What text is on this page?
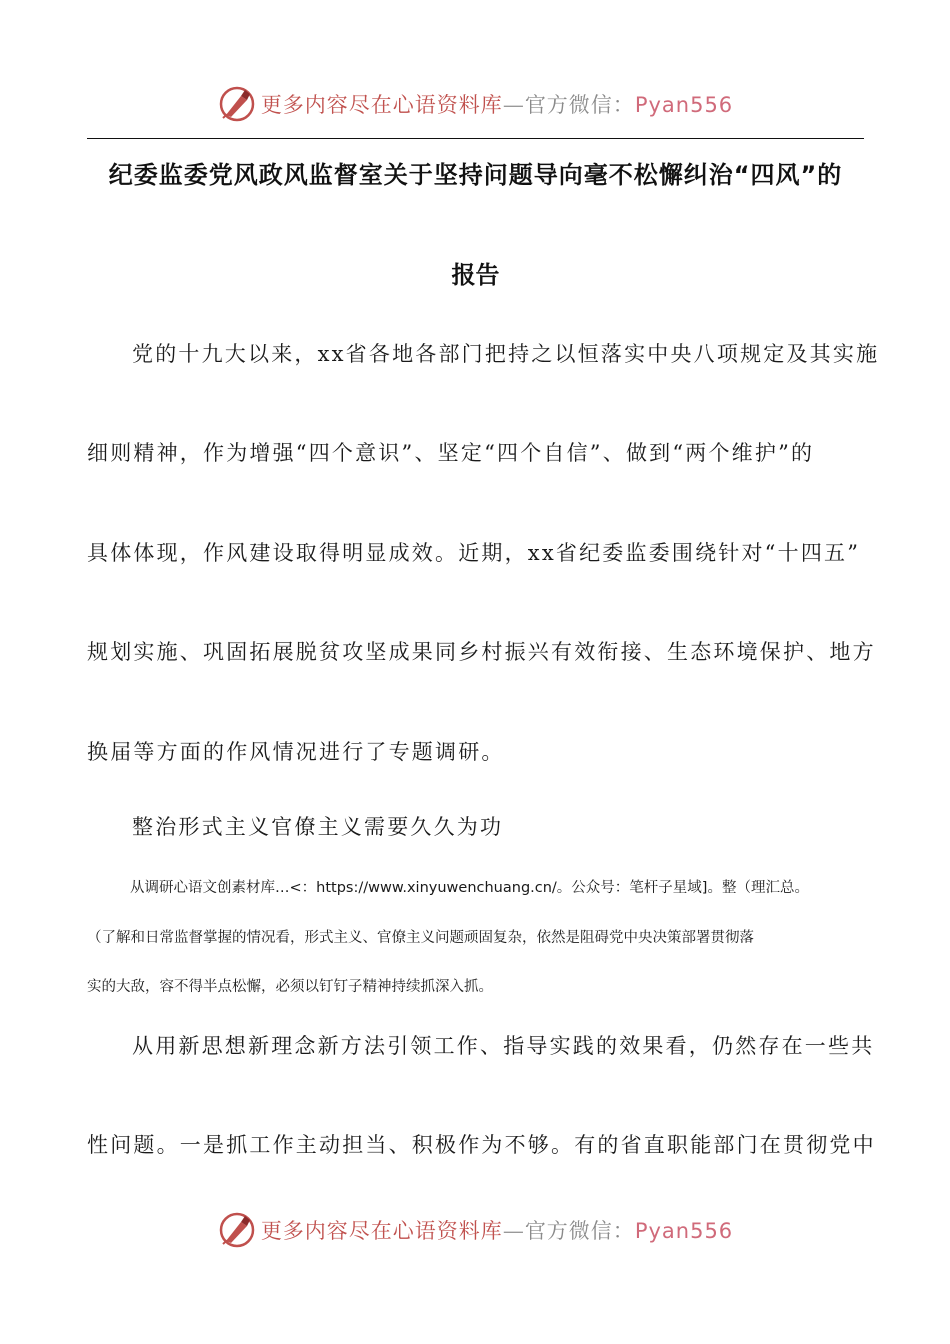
更多内容尽在心语资料库—官方微信：Pyan556
纪委监委党风政风监督室关于坚持问题导向毫不松懈纠治“四风”的
报告
党的十九大以来，xx省各地各部门把持之以恒落实中央八项规定及其实施
细则精神，作为增强“四个意识”、坚定“四个自信”、做到“两个维护”的
具体体现，作风建设取得明显成效。近期，xx省纪委监委围绕针对“十四五”
规划实施、巩固拓展脱贫攻坚成果同乡村振兴有效衔接、生态环境保护、地方
换届等方面的作风情况进行了专题调研。
整治形式主义官僚主义需要久久为功
从调研心语文创素材库…<：https://www.xinyuwenchuang.cn/。公众号：笔杆子星域]。整（理汇总。
（了解和日常监督掌握的情况看，形式主义、官僚主义问题顽固复杂，依然是阻碍党中央决策部署贯彻落
实的大敌，容不得半点松懈，必须以钉钉子精神持续抓深入抓。
从用新思想新理念新方法引领工作、指导实践的效果看，仍然存在一些共
性问题。一是抓工作主动担当、积极作为不够。有的省直职能部门在贯彻党中
更多内容尽在心语资料库—官方微信：Pyan556
